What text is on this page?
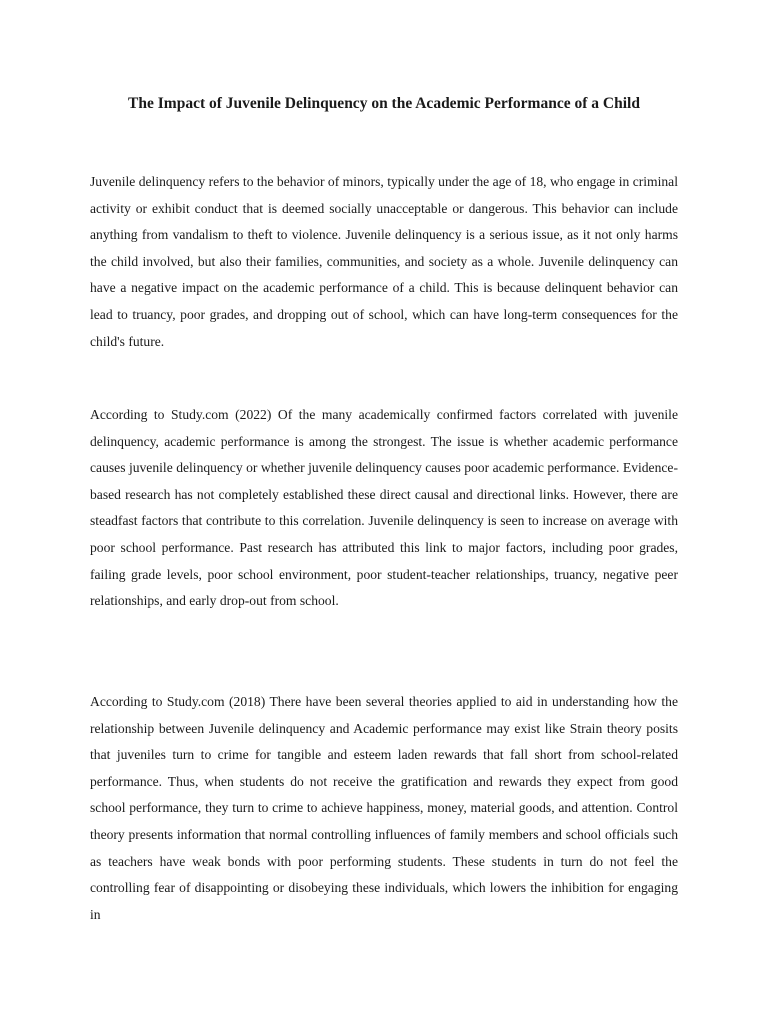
The Impact of Juvenile Delinquency on the Academic Performance of a Child

Juvenile delinquency refers to the behavior of minors, typically under the age of 18, who engage in criminal activity or exhibit conduct that is deemed socially unacceptable or dangerous. This behavior can include anything from vandalism to theft to violence. Juvenile delinquency is a serious issue, as it not only harms the child involved, but also their families, communities, and society as a whole. Juvenile delinquency can have a negative impact on the academic performance of a child. This is because delinquent behavior can lead to truancy, poor grades, and dropping out of school, which can have long-term consequences for the child's future.

According to Study.com (2022) Of the many academically confirmed factors correlated with juvenile delinquency, academic performance is among the strongest. The issue is whether academic performance causes juvenile delinquency or whether juvenile delinquency causes poor academic performance. Evidence-based research has not completely established these direct causal and directional links. However, there are steadfast factors that contribute to this correlation. Juvenile delinquency is seen to increase on average with poor school performance. Past research has attributed this link to major factors, including poor grades, failing grade levels, poor school environment, poor student-teacher relationships, truancy, negative peer relationships, and early drop-out from school.

According to Study.com (2018) There have been several theories applied to aid in understanding how the relationship between Juvenile delinquency and Academic performance may exist like Strain theory posits that juveniles turn to crime for tangible and esteem laden rewards that fall short from school-related performance. Thus, when students do not receive the gratification and rewards they expect from good school performance, they turn to crime to achieve happiness, money, material goods, and attention. Control theory presents information that normal controlling influences of family members and school officials such as teachers have weak bonds with poor performing students. These students in turn do not feel the controlling fear of disappointing or disobeying these individuals, which lowers the inhibition for engaging in
